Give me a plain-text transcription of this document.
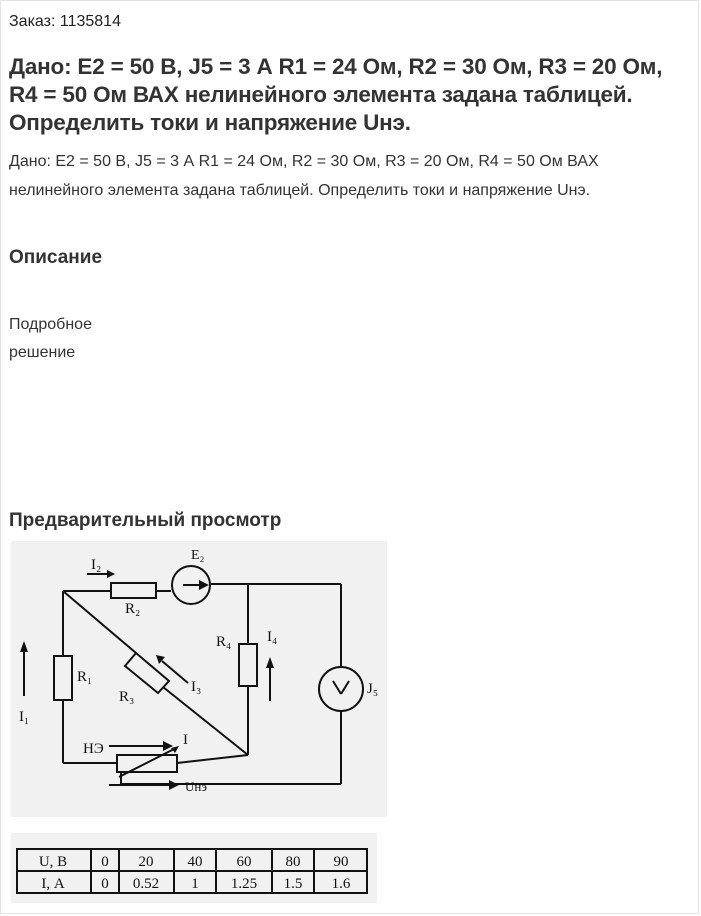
Заказ: 1135814
Дано: E2 = 50 В, J5 = 3 А R1 = 24 Ом, R2 = 30 Ом, R3 = 20 Ом, R4 = 50 Ом ВАХ нелинейного элемента задана таблицей. Определить токи и напряжение Uнэ.

Дано: E2 = 50 В, J5 = 3 А R1 = 24 Ом, R2 = 30 Ом, R3 = 20 Ом, R4 = 50 Ом ВАХ нелинейного элемента задана таблицей. Определить токи и напряжение Uнэ.

Описание
Подробное решение
Предварительный просмотр
I₂
E₂
R₂
R₄ I₄
J₅
R₁
R₃
I₃
I₁
НЭ
I
Uнэ
U, В 0 20 40 60 80 90
I, А 0 0.52 1 1.25 1.5 1.6
